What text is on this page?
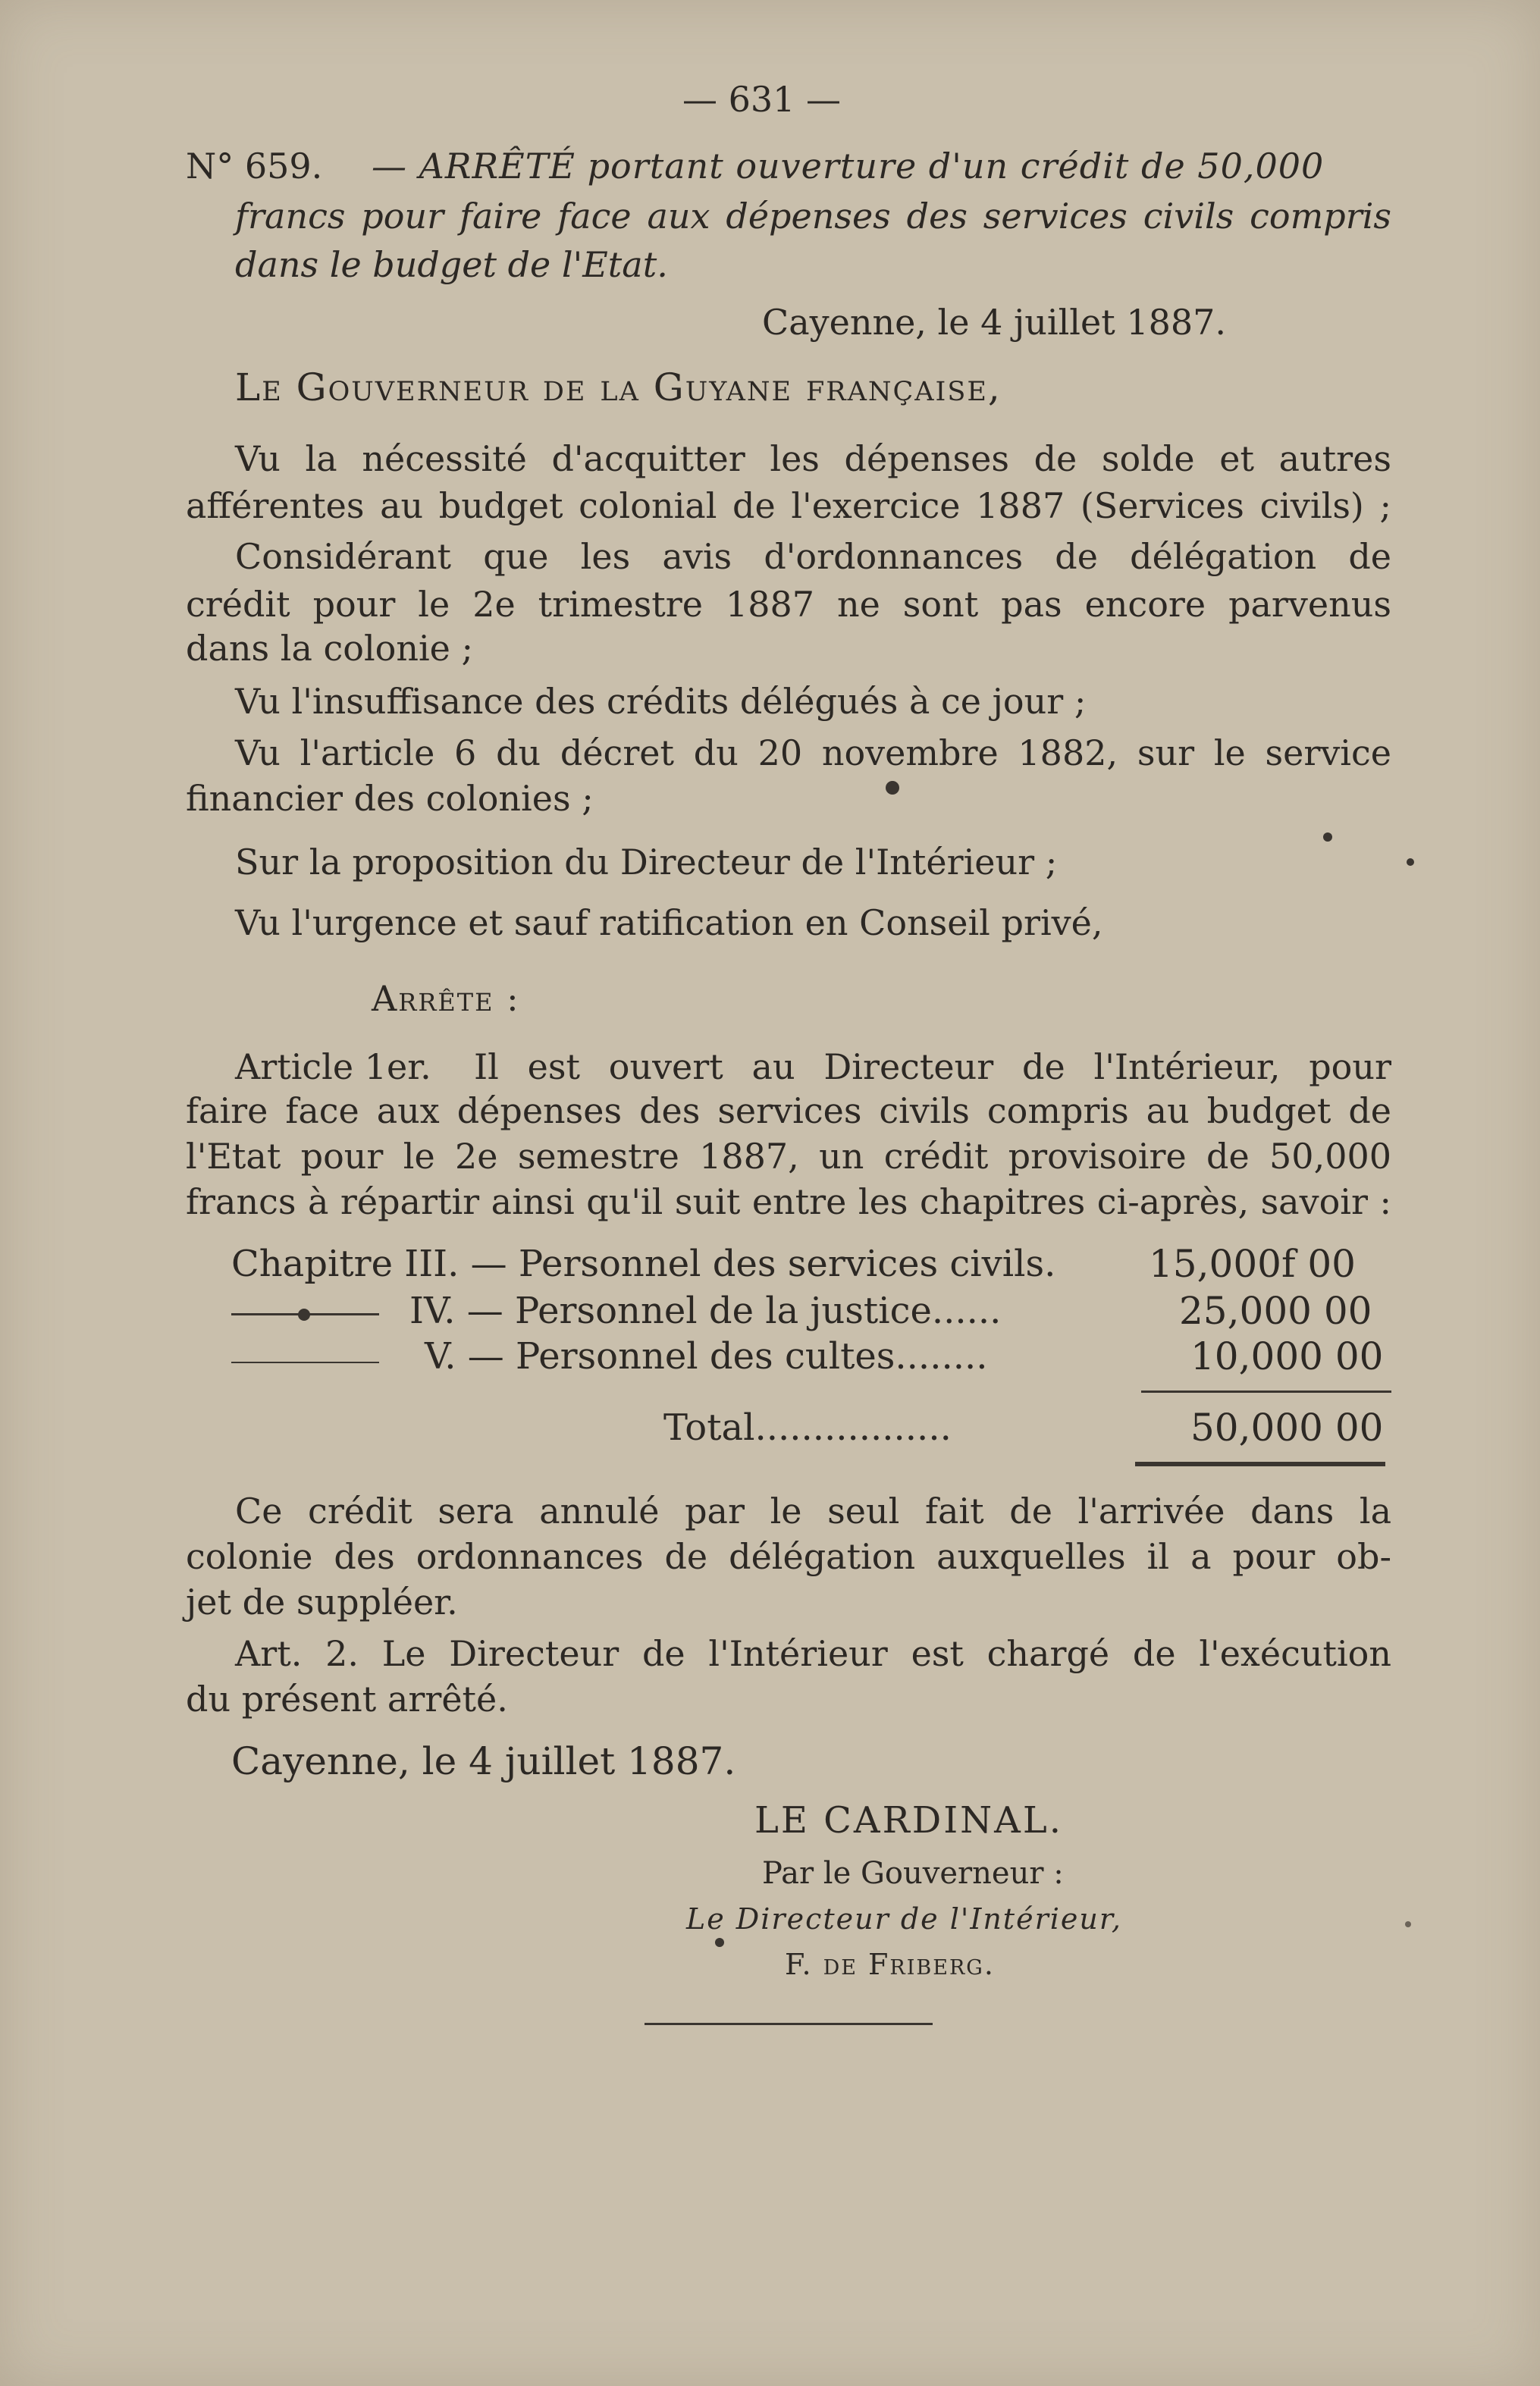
— 631 —
N° 659. — ARRÊTÉ portant ouverture d'un crédit de 50,000
francs pour faire face aux dépenses des services civils compris
dans le budget de l'Etat.
Cayenne, le 4 juillet 1887.
Le Gouverneur de la Guyane française,
Vu la nécessité d'acquitter les dépenses de solde et autres
afférentes au budget colonial de l'exercice 1887 (Services civils) ;
Considérant que les avis d'ordonnances de délégation de
crédit pour le 2e trimestre 1887 ne sont pas encore parvenus
dans la colonie ;
Vu l'insuffisance des crédits délégués à ce jour ;
Vu l'article 6 du décret du 20 novembre 1882, sur le service
financier des colonies ;
Sur la proposition du Directeur de l'Intérieur ;
Vu l'urgence et sauf ratification en Conseil privé,
Arrête :
Article 1er. Il est ouvert au Directeur de l'Intérieur, pour
faire face aux dépenses des services civils compris au budget de
l'Etat pour le 2e semestre 1887, un crédit provisoire de 50,000
francs à répartir ainsi qu'il suit entre les chapitres ci-après, savoir :
Chapitre III. — Personnel des services civils. 15,000f 00
IV. — Personnel de la justice......	25,000 00
V. — Personnel des cultes........	10,000 00
Total.................	50,000 00
Ce crédit sera annulé par le seul fait de l'arrivée dans la
colonie des ordonnances de délégation auxquelles il a pour ob-
jet de suppléer.
Art. 2. Le Directeur de l'Intérieur est chargé de l'exécution
du présent arrêté.
Cayenne, le 4 juillet 1887.
LE CARDINAL.
Par le Gouverneur :
Le Directeur de l'Intérieur,
F. de Friberg.
